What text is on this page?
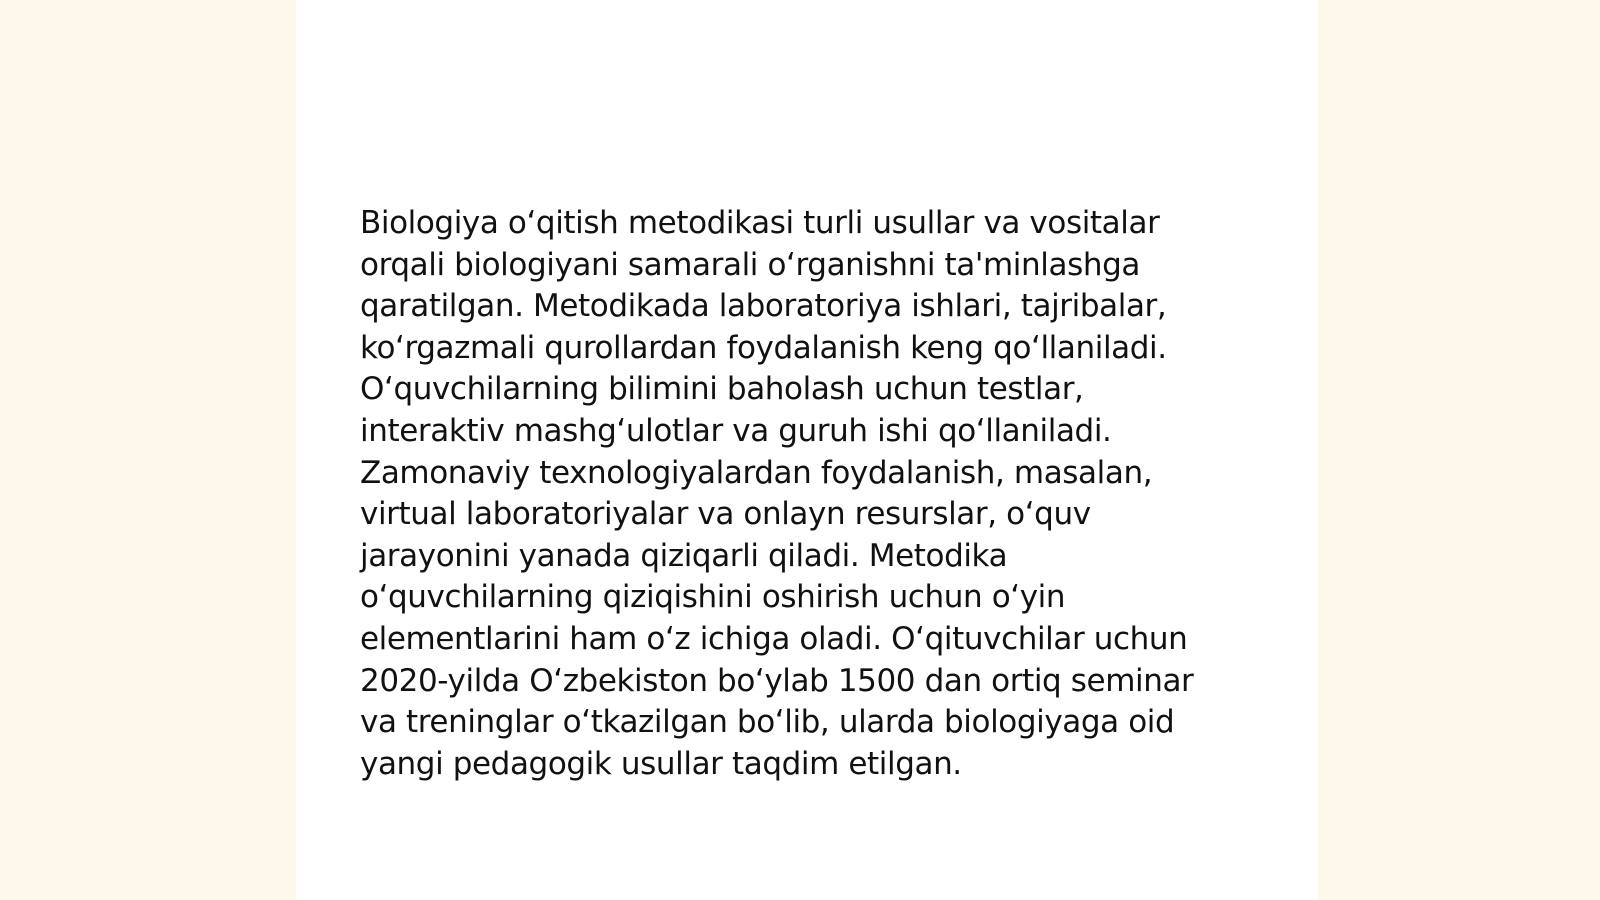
Biologiya oʻqitish metodikasi turli usullar va vositalar
orqali biologiyani samarali oʻrganishni ta'minlashga
qaratilgan. Metodikada laboratoriya ishlari, tajribalar,
koʻrgazmali qurollardan foydalanish keng qoʻllaniladi.
Oʻquvchilarning bilimini baholash uchun testlar,
interaktiv mashgʻulotlar va guruh ishi qoʻllaniladi.
Zamonaviy texnologiyalardan foydalanish, masalan,
virtual laboratoriyalar va onlayn resurslar, oʻquv
jarayonini yanada qiziqarli qiladi. Metodika
oʻquvchilarning qiziqishini oshirish uchun oʻyin
elementlarini ham oʻz ichiga oladi. Oʻqituvchilar uchun
2020-yilda Oʻzbekiston boʻylab 1500 dan ortiq seminar
va treninglar oʻtkazilgan boʻlib, ularda biologiyaga oid
yangi pedagogik usullar taqdim etilgan.
